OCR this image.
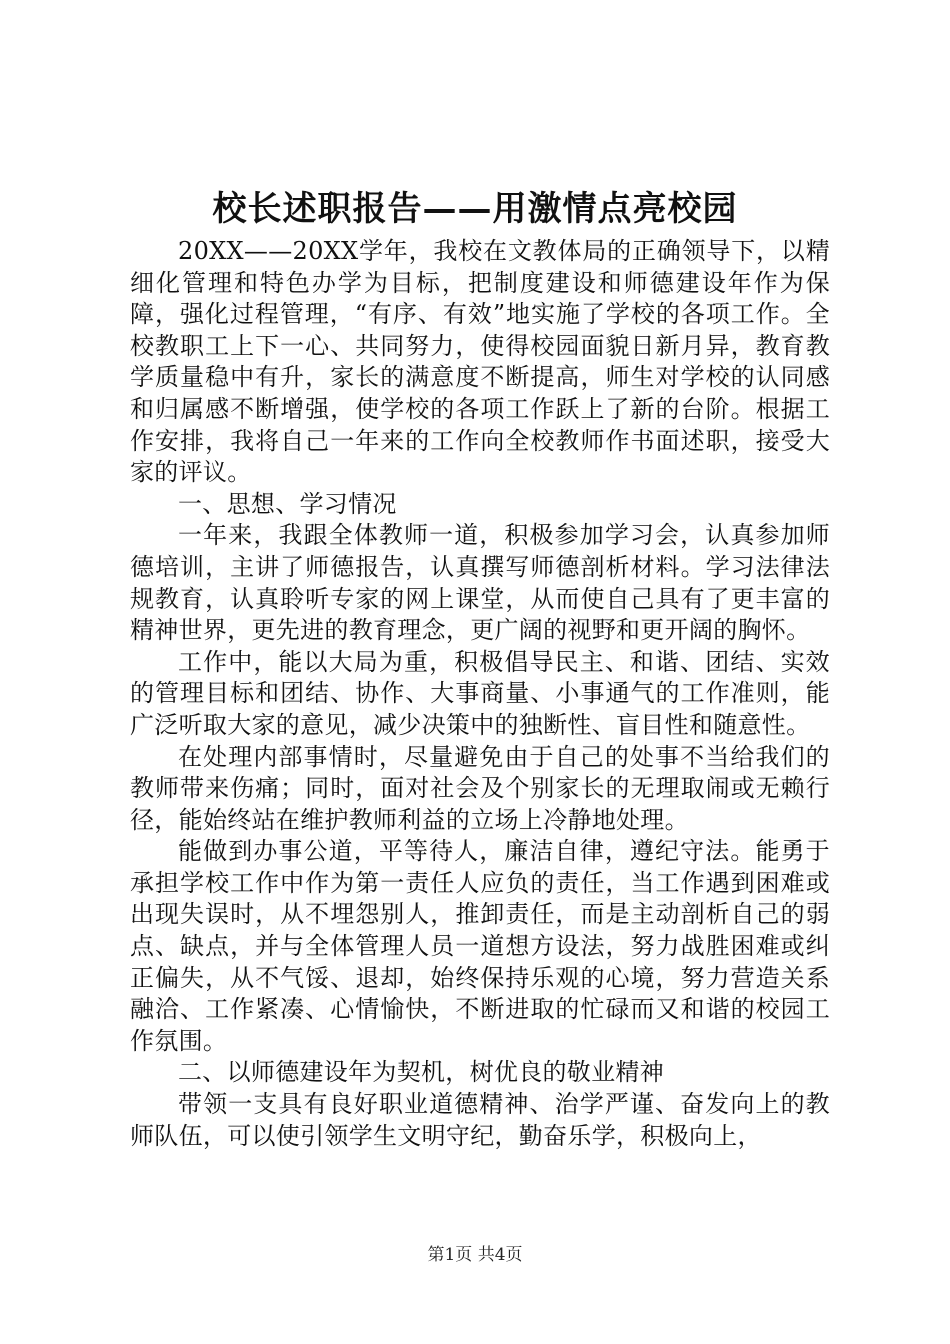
校长述职报告——用激情点亮校园

20XX——20XX学年，我校在文教体局的正确领导下，以精细化管理和特色办学为目标，把制度建设和师德建设年作为保障，强化过程管理，“有序、有效”地实施了学校的各项工作。全校教职工上下一心、共同努力，使得校园面貌日新月异，教育教学质量稳中有升，家长的满意度不断提高，师生对学校的认同感和归属感不断增强，使学校的各项工作跃上了新的台阶。根据工作安排，我将自己一年来的工作向全校教师作书面述职，接受大家的评议。

一、思想、学习情况

一年来，我跟全体教师一道，积极参加学习会，认真参加师德培训，主讲了师德报告，认真撰写师德剖析材料。学习法律法规教育，认真聆听专家的网上课堂，从而使自己具有了更丰富的精神世界，更先进的教育理念，更广阔的视野和更开阔的胸怀。

工作中，能以大局为重，积极倡导民主、和谐、团结、实效的管理目标和团结、协作、大事商量、小事通气的工作准则，能广泛听取大家的意见，减少决策中的独断性、盲目性和随意性。

在处理内部事情时，尽量避免由于自己的处事不当给我们的教师带来伤痛；同时，面对社会及个别家长的无理取闹或无赖行径，能始终站在维护教师利益的立场上冷静地处理。

能做到办事公道，平等待人，廉洁自律，遵纪守法。能勇于承担学校工作中作为第一责任人应负的责任，当工作遇到困难或出现失误时，从不埋怨别人，推卸责任，而是主动剖析自己的弱点、缺点，并与全体管理人员一道想方设法，努力战胜困难或纠正偏失，从不气馁、退却，始终保持乐观的心境，努力营造关系融洽、工作紧凑、心情愉快，不断进取的忙碌而又和谐的校园工作氛围。

二、以师德建设年为契机，树优良的敬业精神

带领一支具有良好职业道德精神、治学严谨、奋发向上的教师队伍，可以使引领学生文明守纪，勤奋乐学，积极向上，

第1页 共4页
